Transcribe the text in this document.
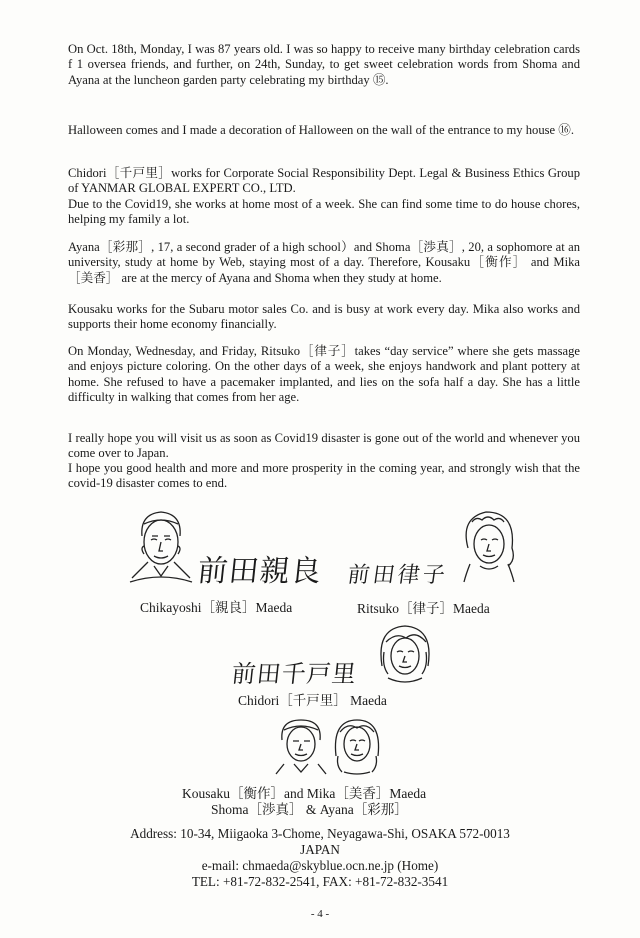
On Oct. 18th, Monday, I was 87 years old. I was so happy to receive many birthday celebration cards f 1 oversea friends, and further, on 24th, Sunday, to get sweet celebration words from Shoma and Ayana at the luncheon garden party celebrating my birthday ⑮.

Halloween comes and I made a decoration of Halloween on the wall of the entrance to my house ⑯.

Chidori［千戸里］works for Corporate Social Responsibility Dept. Legal & Business Ethics Group of YANMAR GLOBAL EXPERT CO., LTD.

Due to the Covid19, she works at home most of a week. She can find some time to do house chores, helping my family a lot.

Ayana［彩那］, 17, a second grader of a high school）and Shoma［渉真］, 20, a sophomore at an university, study at home by Web, staying most of a day. Therefore, Kousaku［衡作］ and Mika［美香］ are at the mercy of Ayana and Shoma when they study at home.

Kousaku works for the Subaru motor sales Co. and is busy at work every day. Mika also works and supports their home economy financially.

On Monday, Wednesday, and Friday, Ritsuko［律子］takes “day service” where she gets massage and enjoys picture coloring. On the other days of a week, she enjoys handwork and plant pottery at home. She refused to have a pacemaker implanted, and lies on the sofa half a day. She has a little difficulty in walking that comes from her age.

I really hope you will visit us as soon as Covid19 disaster is gone out of the world and whenever you come over to Japan.

I hope you good health and more and more prosperity in the coming year, and strongly wish that the covid-19 disaster comes to end.

前田親良
Chikayoshi［親良］Maeda
前田律子
Ritsuko［律子］Maeda
前田千戸里
Chidori［千戸里］ Maeda
Kousaku［衡作］and Mika［美香］Maeda
Shoma［渉真］ & Ayana［彩那］
Address: 10-34, Miigaoka 3-Chome, Neyagawa-Shi, OSAKA 572-0013
JAPAN
e-mail: chmaeda@skyblue.ocn.ne.jp (Home)
TEL: +81-72-832-2541, FAX: +81-72-832-3541
- 4 -
